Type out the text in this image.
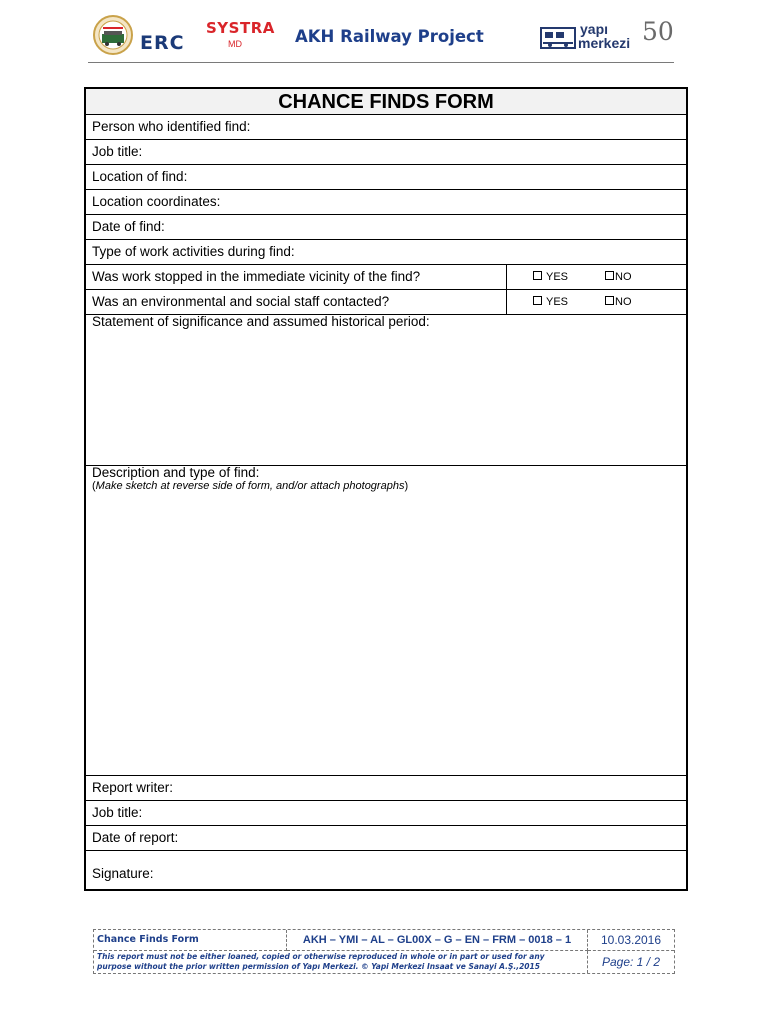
ERC
SYSTRA
MD	AKH Railway Project	yapı
merkezi 50
CHANCE FINDS FORM
Person who identified find:
Job title:
Location of find:
Location coordinates:
Date of find:
Type of work activities during find:
Was work stopped in the immediate vicinity of the find?	YES	NO
Was an environmental and social staff contacted?	YES	NO
Statement of significance and assumed historical period:
Description and type of find:
(Make sketch at reverse side of form, and/or attach photographs)
Report writer:
Job title:
Date of report:
Signature:
Chance Finds Form	AKH – YMI – AL – GL00X – G – EN – FRM – 0018 – 1	10.03.2016
This report must not be either loaned, copied or otherwise reproduced in whole or in part or used for any
purpose without the prior written permission of Yapı Merkezi. © Yapi Merkezi Insaat ve Sanayi A.Ş.,2015	Page: 1 / 2
